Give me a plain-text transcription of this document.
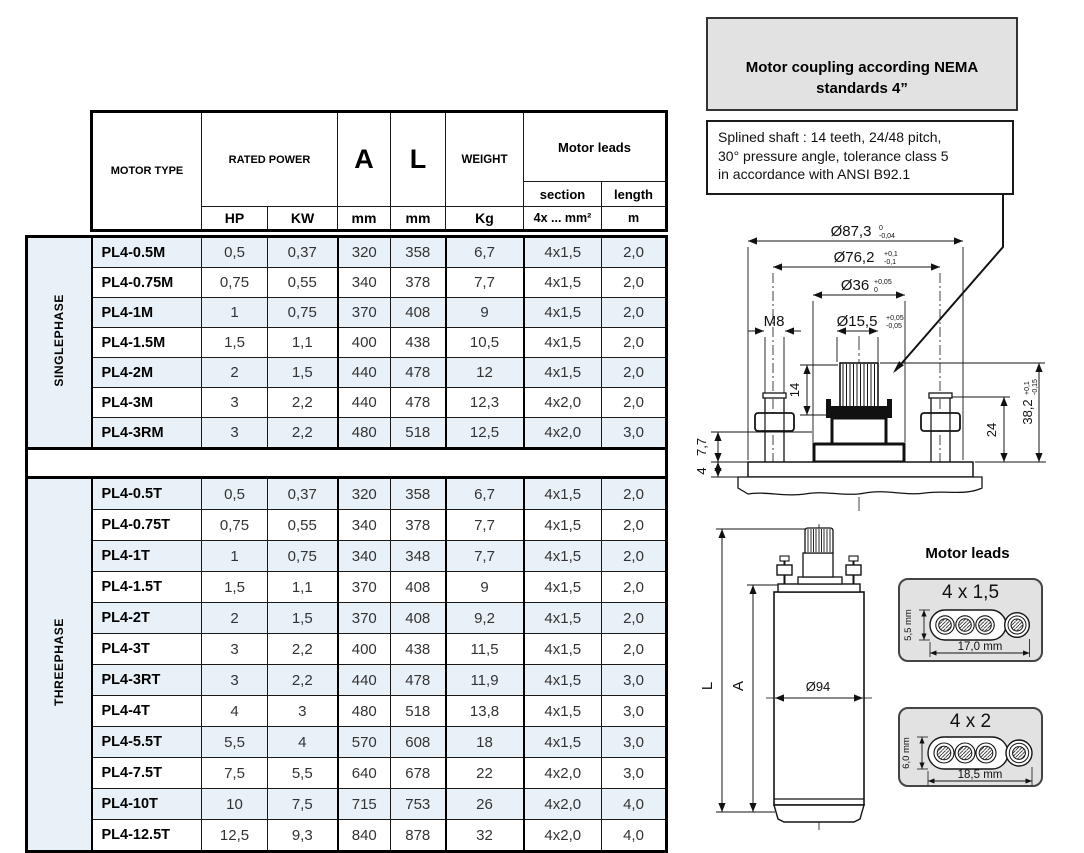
MOTOR TYPE	RATED POWER		A	L	WEIGHT	Motor leads	
						section	length
	HP	KW	mm	mm	Kg	4x ... mm²	m
SINGLEPHASE	PL4-0.5M	0,5	0,37	320	358	6,7	4x1,5	2,0
	PL4-0.75M	0,75	0,55	340	378	7,7	4x1,5	2,0
	PL4-1M	1	0,75	370	408	9	4x1,5	2,0
	PL4-1.5M	1,5	1,1	400	438	10,5	4x1,5	2,0
	PL4-2M	2	1,5	440	478	12	4x1,5	2,0
	PL4-3M	3	2,2	440	478	12,3	4x2,0	2,0
	PL4-3RM	3	2,2	480	518	12,5	4x2,0	3,0

THREEPHASE	PL4-0.5T	0,5	0,37	320	358	6,7	4x1,5	2,0
	PL4-0.75T	0,75	0,55	340	378	7,7	4x1,5	2,0
	PL4-1T	1	0,75	340	348	7,7	4x1,5	2,0
	PL4-1.5T	1,5	1,1	370	408	9	4x1,5	2,0
	PL4-2T	2	1,5	370	408	9,2	4x1,5	2,0
	PL4-3T	3	2,2	400	438	11,5	4x1,5	2,0
	PL4-3RT	3	2,2	440	478	11,9	4x1,5	3,0
	PL4-4T	4	3	480	518	13,8	4x1,5	3,0
	PL4-5.5T	5,5	4	570	608	18	4x1,5	3,0
	PL4-7.5T	7,5	5,5	640	678	22	4x2,0	3,0
	PL4-10T	10	7,5	715	753	26	4x2,0	4,0
	PL4-12.5T	12,5	9,3	840	878	32	4x2,0	4,0
Motor coupling according NEMA
standards 4”
Splined shaft : 14 teeth, 24/48 pitch,
30° pressure angle, tolerance class 5
in accordance with ANSI B92.1
Ø87,3 0
-0,04
Ø76,2 +0,1
-0,1
Ø36 +0,05
0
Ø15,5 +0,05
-0,05
M8
14
24
38,2
+0,1 -0,15
7,7
4
L A	Ø94
Motor leads
4 x 1,5
5,5 mm
17,0 mm
4 x 2
6,0 mm
18,5 mm
